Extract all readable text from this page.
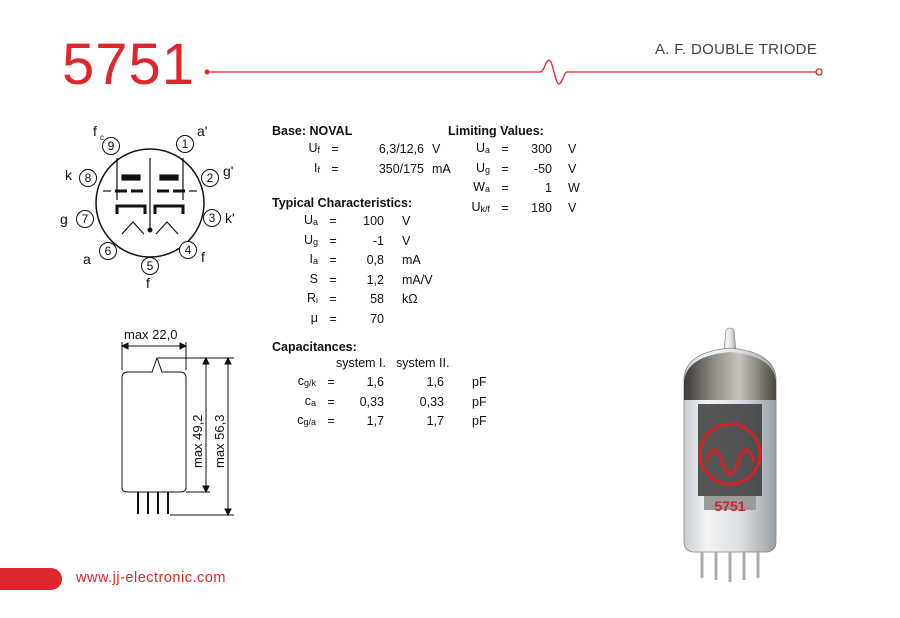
5751	A. F. DOUBLE TRIODE
1
2
3
4
5
6
7
8
9
a'
g'
k'
f
f
a
g
k
f c
max 22,0
max 49,2 max 56,3
Base: NOVAL
$U_f$	=	6,3/12,6	V
$I_f$	=	350/175	mA
Limiting Values:
$U_a$	=	300	V
$U_g$	=	-50	V
$W_a$	=	1	W
$U_{k/f}$	=	180	V
Typical Characteristics:
$U_a$	=	100	V
$U_g$	=	-1	V
$I_a$	=	0,8	mA
S	=	1,2	mA/V
$R_i$	=	58	kΩ
μ	=	70	
Capacitances:
system I. system II.
$c_{g/k}$	=	1,6	1,6	pF
$c_a$	=	0,33	0,33	pF
$c_{g/a}$	=	1,7	1,7	pF
5751
www.jj-electronic.com
